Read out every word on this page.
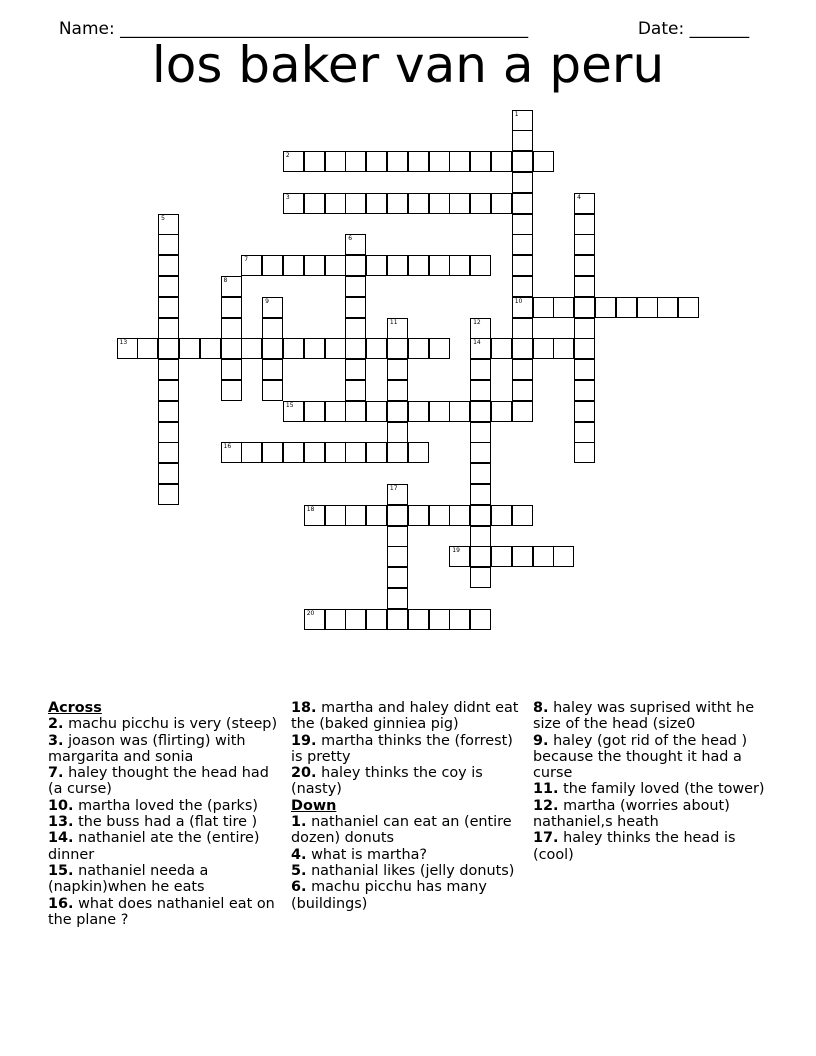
Name: ________________________________________________	Date: _______

los baker van a peru
1
10
2
3	4
5
6
7
8
9
11	12
14
13
15
16
17
18
19
20
Across
2. machu picchu is very (steep)
3. joason was (flirting) with margarita and sonia
7. haley thought the head had (a curse)
10. martha loved the (parks)
13. the buss had a (flat tire )
14. nathaniel ate the (entire) dinner
15. nathaniel needa a (napkin)when he eats
16. what does nathaniel eat on the plane ?
18. martha and haley didnt eat the (baked ginniea pig)
19. martha thinks the (forrest) is pretty
20. haley thinks the coy is (nasty)
Down
1. nathaniel can eat an (entire dozen) donuts
4. what is martha?
5. nathanial likes (jelly donuts)
6. machu picchu has many (buildings)
8. haley was suprised witht he size of the head (size0
9. haley (got rid of the head ) because the thought it had a curse
11. the family loved (the tower)
12. martha (worries about) nathaniel,s heath
17. haley thinks the head is (cool)
